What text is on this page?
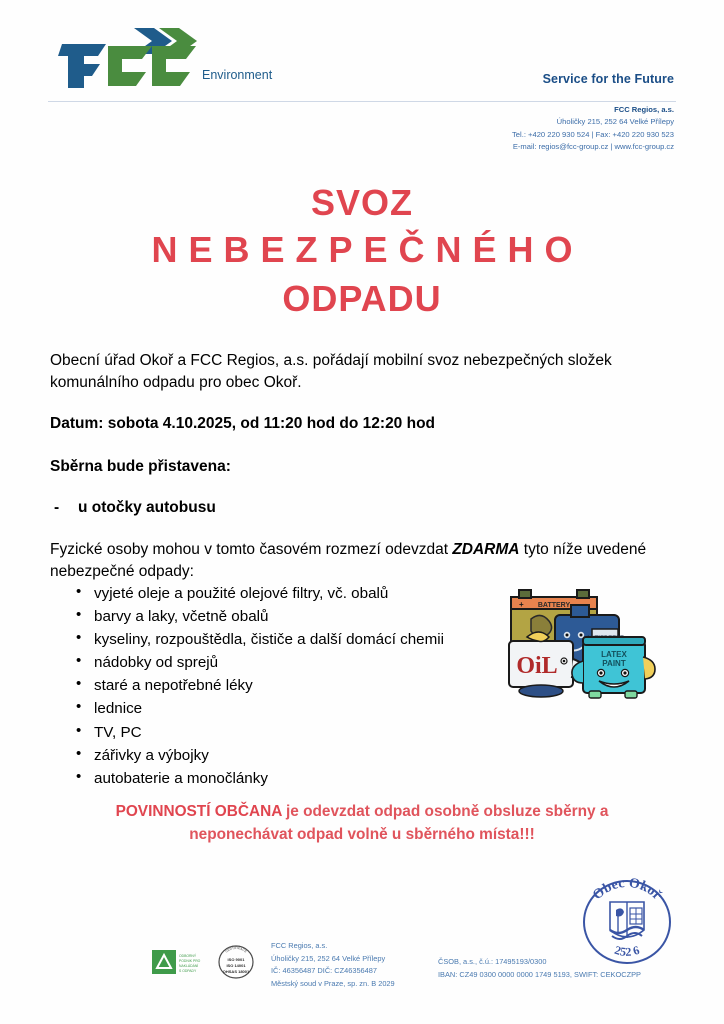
Environment	Service for the Future
FCC Regios, a.s.
Úholičky 215, 252 64 Velké Přílepy
Tel.: +420 220 930 524 | Fax: +420 220 930 523
E-mail: regios@fcc-group.cz | www.fcc-group.cz
SVOZ
NEBEZPEČNÉHO
ODPADU

Obecní úřad Okoř a FCC Regios, a.s. pořádají mobilní svoz nebezpečných složek komunálního odpadu pro obec Okoř.

Datum: sobota 4.10.2025, od 11:20 hod do 12:20 hod

Sběrna bude přistavena:

- u otočky autobusu

Fyzické osoby mohou v tomto časovém rozmezí odevzdat ZDARMA tyto níže uvedené nebezpečné odpady:

• vyjeté oleje a použité olejové filtry, vč. obalů
• barvy a laky, včetně obalů
• kyseliny, rozpouštědla, čističe a další domácí chemii
• nádobky od sprejů
• staré a nepotřebné léky
• lednice
• TV, PC
• zářivky a výbojky
• autobaterie a monočlánky
BATTERY
+
OiL	LATEX
PAINT
POVINNOSTÍ OBČANA je odevzdat odpad osobně obsluze sběrny a
neponechávat odpad volně u sběrného místa!!!
Obec Okoř
252 6
ODBORNÝ
PODNIK PRO
NAKLÁDÁNÍ
S ODPADY
CERTIFIKACE
ISO 9001
ISO 14001
OHSAS 18001
FCC Regios, a.s.
Úholičky 215, 252 64 Velké Přílepy
IČ: 46356487 DIČ: CZ46356487
Městský soud v Praze, sp. zn. B 2029
ČSOB, a.s., č.ú.: 17495193/0300
IBAN: CZ49 0300 0000 0000 1749 5193, SWIFT: CEKOCZPP
